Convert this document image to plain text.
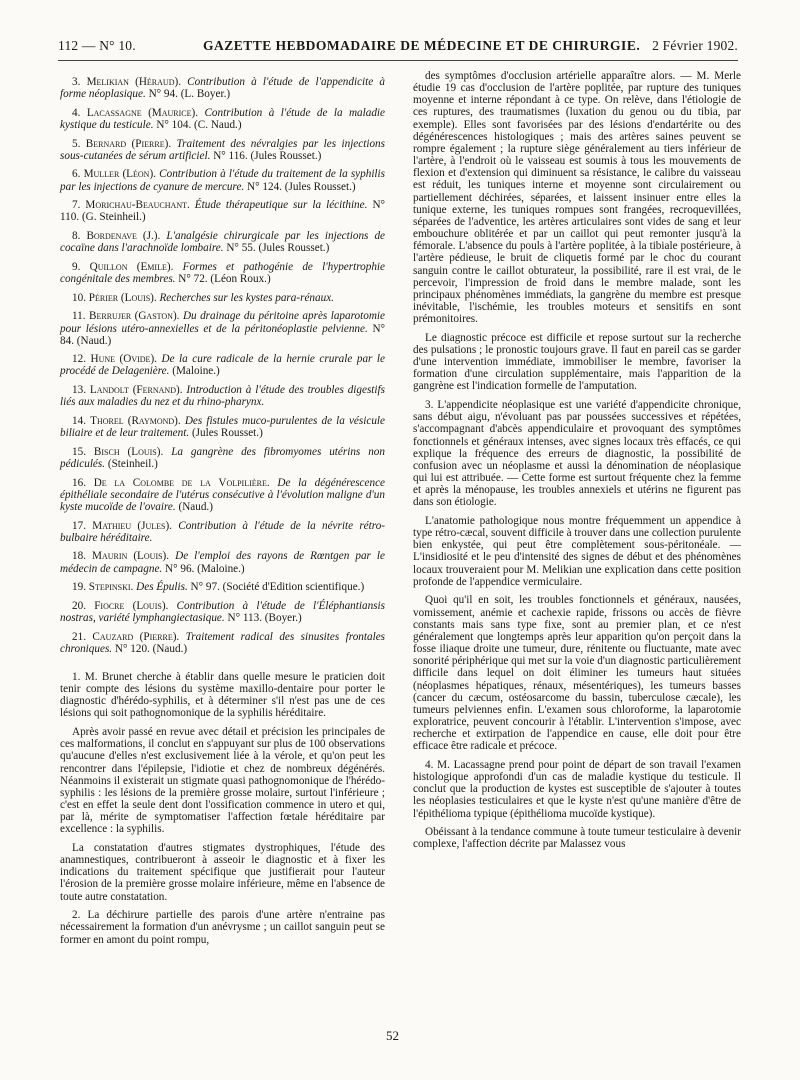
112 — N° 10.	GAZETTE HEBDOMADAIRE DE MÉDECINE ET DE CHIRURGIE. 2 Février 1902.

3. Melikian (Héraud). Contribution à l'étude de l'appendicite à forme néoplasique. N° 94. (L. Boyer.)

4. Lacassagne (Maurice). Contribution à l'étude de la maladie kystique du testicule. N° 104. (C. Naud.)

5. Bernard (Pierre). Traitement des névralgies par les injections sous-cutanées de sérum artificiel. N° 116. (Jules Rousset.)

6. Muller (Léon). Contribution à l'étude du traitement de la syphilis par les injections de cyanure de mercure. N° 124. (Jules Rousset.)

7. Morichau-Beauchant. Étude thérapeutique sur la lécithine. N° 110. (G. Steinheil.)

8. Bordenave (J.). L'analgésie chirurgicale par les injections de cocaïne dans l'arachnoïde lombaire. N° 55. (Jules Rousset.)

9. Quillon (Emile). Formes et pathogénie de l'hypertrophie congénitale des membres. N° 72. (Léon Roux.)

10. Périer (Louis). Recherches sur les kystes para-rénaux.

11. Berrujer (Gaston). Du drainage du péritoine après laparotomie pour lésions utéro-annexielles et de la péritonéoplastie pelvienne. N° 84. (Naud.)

12. Hune (Ovide). De la cure radicale de la hernie crurale par le procédé de Delagenière. (Maloine.)

13. Landolt (Fernand). Introduction à l'étude des troubles digestifs liés aux maladies du nez et du rhino-pharynx.

14. Thorel (Raymond). Des fistules muco-purulentes de la vésicule biliaire et de leur traitement. (Jules Rousset.)

15. Bisch (Louis). La gangrène des fibromyomes utérins non pédiculés. (Steinheil.)

16. De la Colombe de la Volpilière. De la dégénérescence épithéliale secondaire de l'utérus consécutive à l'évolution maligne d'un kyste mucoïde de l'ovaire. (Naud.)

17. Mathieu (Jules). Contribution à l'étude de la névrite rétro-bulbaire héréditaire.

18. Maurin (Louis). De l'emploi des rayons de Rœntgen par le médecin de campagne. N° 96. (Maloine.)

19. Stepinski. Des Épulis. N° 97. (Société d'Edition scientifique.)

20. Fiocre (Louis). Contribution à l'étude de l'Éléphantiansis nostras, variété lymphangiectasique. N° 113. (Boyer.)

21. Cauzard (Pierre). Traitement radical des sinusites frontales chroniques. N° 120. (Naud.)

1. M. Brunet cherche à établir dans quelle mesure le praticien doit tenir compte des lésions du système maxillo-dentaire pour porter le diagnostic d'hérédo-syphilis, et à déterminer s'il n'est pas une de ces lésions qui soit pathognomonique de la syphilis héréditaire.

Après avoir passé en revue avec détail et précision les principales de ces malformations, il conclut en s'appuyant sur plus de 100 observations qu'aucune d'elles n'est exclusivement liée à la vérole, et qu'on peut les rencontrer dans l'épilepsie, l'idiotie et chez de nombreux dégénérés. Néanmoins il existerait un stigmate quasi pathognomonique de l'hérédo-syphilis : les lésions de la première grosse molaire, surtout l'inférieure ; c'est en effet la seule dent dont l'ossification commence in utero et qui, par là, mérite de symptomatiser l'affection fœtale héréditaire par excellence : la syphilis.

La constatation d'autres stigmates dystrophiques, l'étude des anamnestiques, contribueront à asseoir le diagnostic et à fixer les indications du traitement spécifique que justifierait pour l'auteur l'érosion de la première grosse molaire inférieure, même en l'absence de toute autre constatation.

2. La déchirure partielle des parois d'une artère n'entraine pas nécessairement la formation d'un anévrysme ; un caillot sanguin peut se former en amont du point rompu,

des symptômes d'occlusion artérielle apparaître alors. — M. Merle étudie 19 cas d'occlusion de l'artère poplitée, par rupture des tuniques moyenne et interne répondant à ce type. On relève, dans l'étiologie de ces ruptures, des traumatismes (luxation du genou ou du tibia, par exemple). Elles sont favorisées par des lésions d'endartérite ou des dégénérescences histologiques ; mais des artères saines peuvent se rompre également ; la rupture siège généralement au tiers inférieur de l'artère, à l'endroit où le vaisseau est soumis à tous les mouvements de flexion et d'extension qui diminuent sa résistance, le calibre du vaisseau est réduit, les tuniques interne et moyenne sont circulairement ou partiellement déchirées, séparées, et laissent insinuer entre elles la tunique externe, les tuniques rompues sont frangées, recroquevillées, séparées de l'adventice, les artères articulaires sont vides de sang et leur embouchure oblitérée et par un caillot qui peut remonter jusqu'à la fémorale. L'absence du pouls à l'artère poplitée, à la tibiale postérieure, à l'artère pédieuse, le bruit de cliquetis formé par le choc du courant sanguin contre le caillot obturateur, la possibilité, rare il est vrai, de le percevoir, l'impression de froid dans le membre malade, sont les principaux phénomènes immédiats, la gangrène du membre est presque inévitable, l'ischémie, les troubles moteurs et sensitifs en sont prémonitoires.

Le diagnostic précoce est difficile et repose surtout sur la recherche des pulsations ; le pronostic toujours grave. Il faut en pareil cas se garder d'une intervention immédiate, immobiliser le membre, favoriser la formation d'une circulation supplémentaire, mais l'apparition de la gangrène est l'indication formelle de l'amputation.

3. L'appendicite néoplasique est une variété d'appendicite chronique, sans début aigu, n'évoluant pas par poussées successives et répétées, s'accompagnant d'abcès appendiculaire et provoquant des symptômes fonctionnels et généraux intenses, avec signes locaux très effacés, ce qui explique la fréquence des erreurs de diagnostic, la possibilité de confusion avec un néoplasme et aussi la dénomination de néoplasique qui lui est attribuée. — Cette forme est surtout fréquente chez la femme et après la ménopause, les troubles annexiels et utérins ne figurent pas dans son étiologie.

L'anatomie pathologique nous montre fréquemment un appendice à type rétro-cæcal, souvent difficile à trouver dans une collection purulente bien enkystée, qui peut être complètement sous-péritonéale. — L'insidiosité et le peu d'intensité des signes de début et des phénomènes locaux trouveraient pour M. Melikian une explication dans cette position profonde de l'appendice vermiculaire.

Quoi qu'il en soit, les troubles fonctionnels et généraux, nausées, vomissement, anémie et cachexie rapide, frissons ou accès de fièvre constants mais sans type fixe, sont au premier plan, et ce n'est généralement que longtemps après leur apparition qu'on perçoit dans la fosse iliaque droite une tumeur, dure, rénitente ou fluctuante, mate avec sonorité périphérique qui met sur la voie d'un diagnostic particulièrement difficile dans lequel on doit éliminer les tumeurs haut situées (néoplasmes hépatiques, rénaux, mésentériques), les tumeurs basses (cancer du cæcum, ostéosarcome du bassin, tuberculose cæcale), les tumeurs pelviennes enfin. L'examen sous chloroforme, la laparotomie exploratrice, peuvent concourir à l'établir. L'intervention s'impose, avec recherche et extirpation de l'appendice en cause, elle doit pour être efficace être radicale et précoce.

4. M. Lacassagne prend pour point de départ de son travail l'examen histologique approfondi d'un cas de maladie kystique du testicule. Il conclut que la production de kystes est susceptible de s'ajouter à toutes les néoplasies testiculaires et que le kyste n'est qu'une manière d'être de l'épithélioma typique (épithélioma mucoïde kystique).

Obéissant à la tendance commune à toute tumeur testiculaire à devenir complexe, l'affection décrite par Malassez vous

52
